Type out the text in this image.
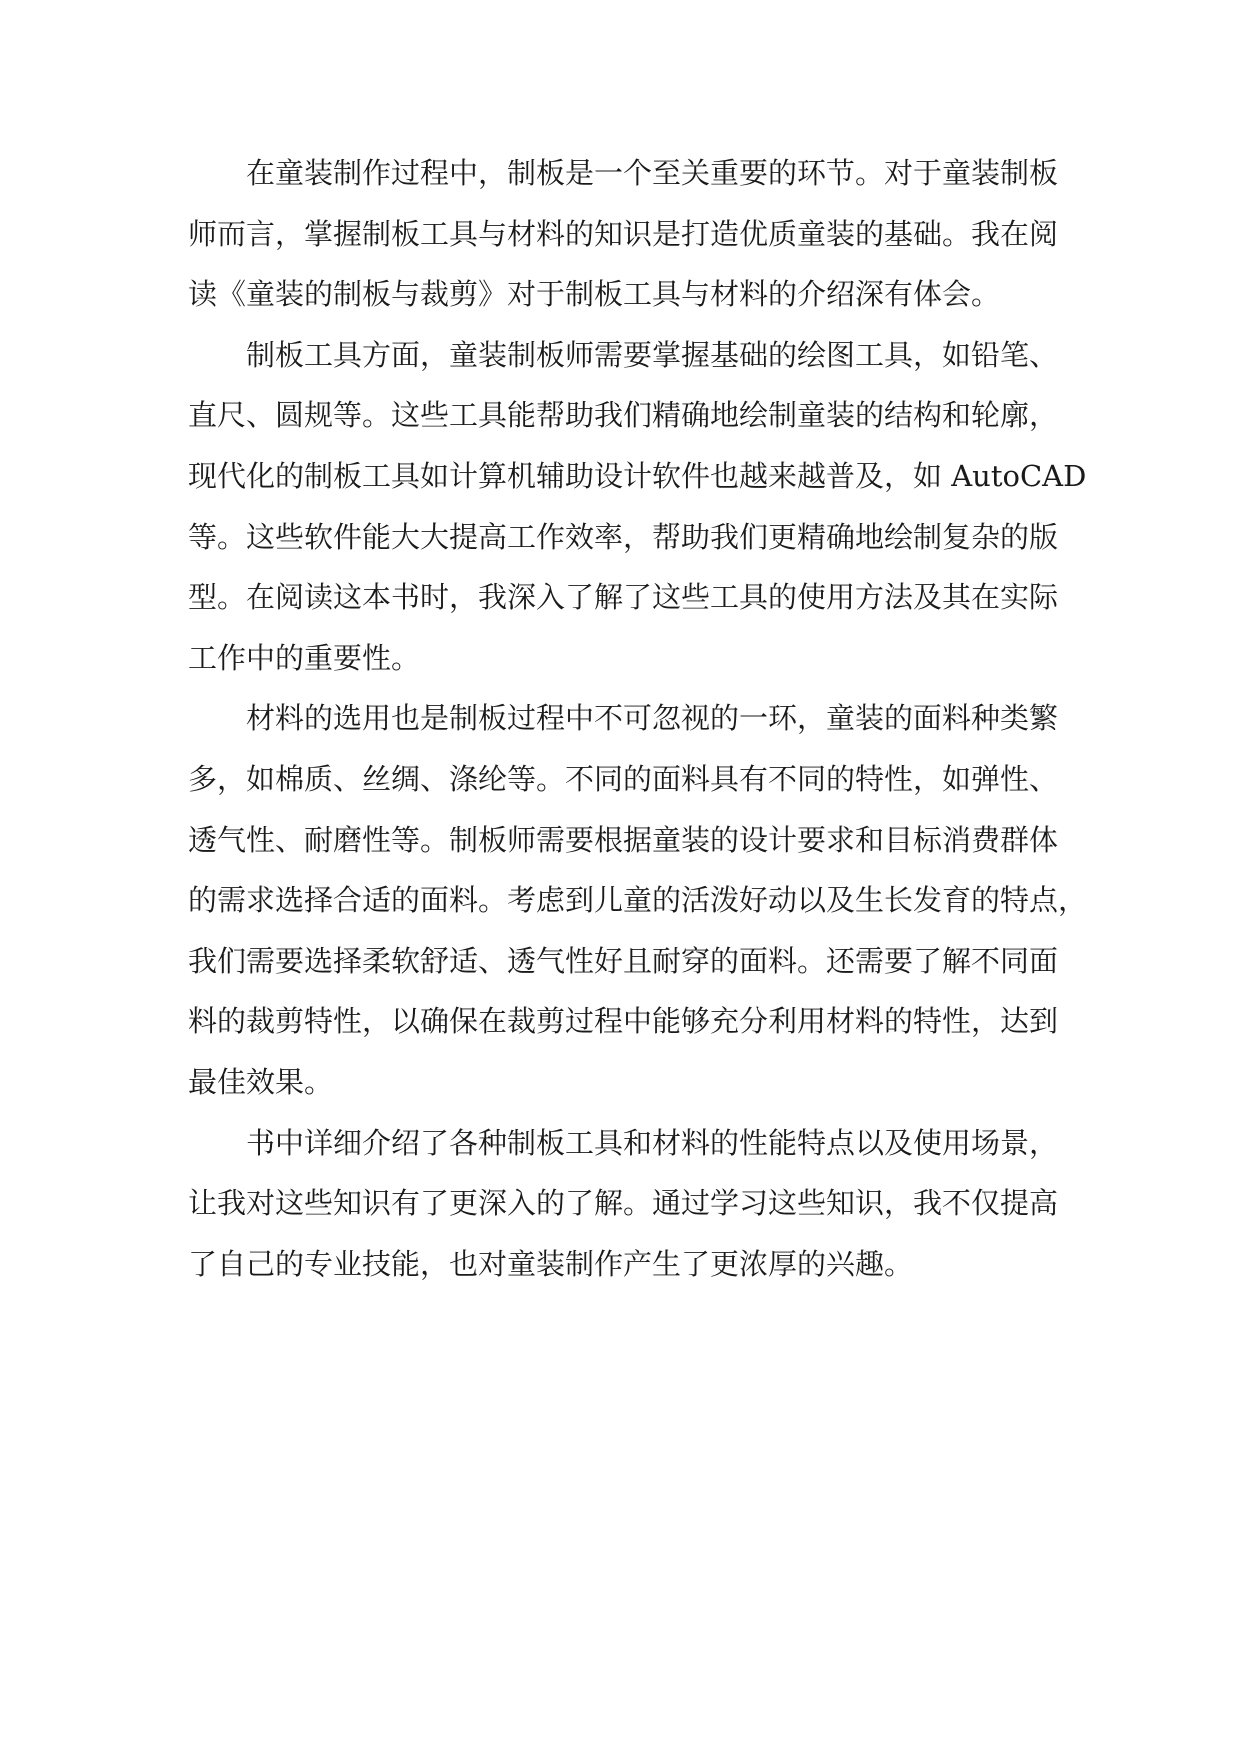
在童装制作过程中，制板是一个至关重要的环节。对于童装制板
师而言，掌握制板工具与材料的知识是打造优质童装的基础。我在阅
读《童装的制板与裁剪》对于制板工具与材料的介绍深有体会。
制板工具方面，童装制板师需要掌握基础的绘图工具，如铅笔、
直尺、圆规等。这些工具能帮助我们精确地绘制童装的结构和轮廓，
现代化的制板工具如计算机辅助设计软件也越来越普及，如 AutoCAD
等。这些软件能大大提高工作效率，帮助我们更精确地绘制复杂的版
型。在阅读这本书时，我深入了解了这些工具的使用方法及其在实际
工作中的重要性。
材料的选用也是制板过程中不可忽视的一环，童装的面料种类繁
多，如棉质、丝绸、涤纶等。不同的面料具有不同的特性，如弹性、
透气性、耐磨性等。制板师需要根据童装的设计要求和目标消费群体
的需求选择合适的面料。考虑到儿童的活泼好动以及生长发育的特点，
我们需要选择柔软舒适、透气性好且耐穿的面料。还需要了解不同面
料的裁剪特性，以确保在裁剪过程中能够充分利用材料的特性，达到
最佳效果。
书中详细介绍了各种制板工具和材料的性能特点以及使用场景，
让我对这些知识有了更深入的了解。通过学习这些知识，我不仅提高
了自己的专业技能，也对童装制作产生了更浓厚的兴趣。
